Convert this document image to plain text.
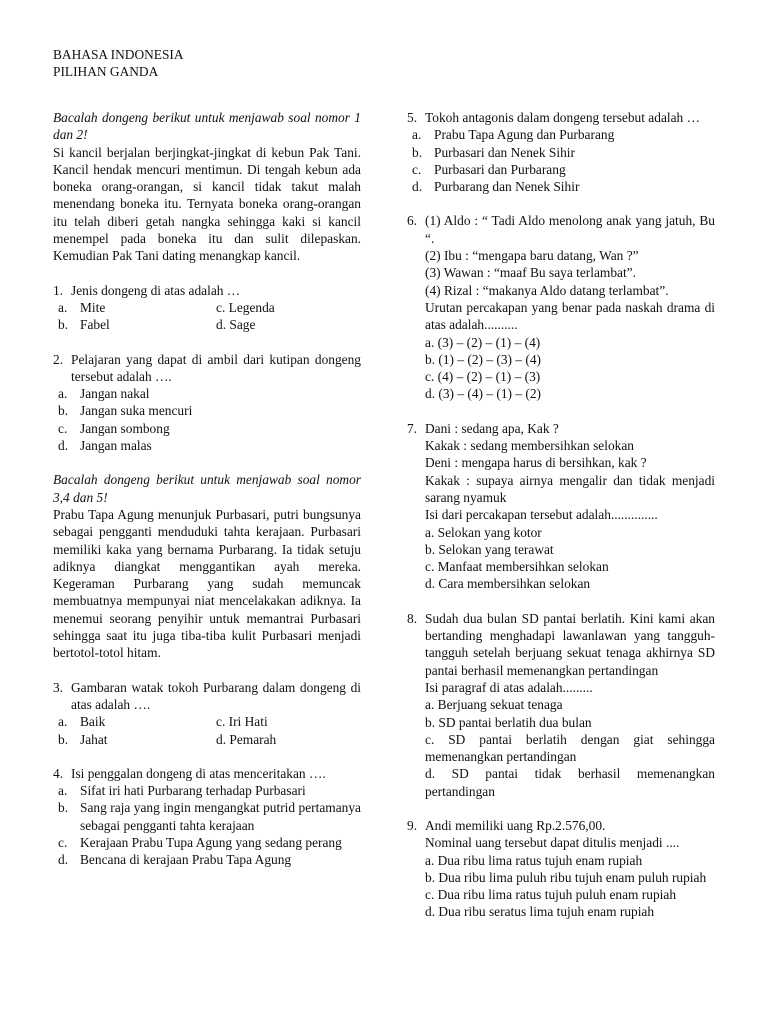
BAHASA INDONESIA
PILIHAN GANDA
Bacalah dongeng berikut untuk menjawab soal nomor 1 dan 2!
Si kancil berjalan berjingkat-jingkat di kebun Pak Tani. Kancil hendak mencuri mentimun. Di tengah kebun ada boneka orang-orangan, si kancil tidak takut malah menendang boneka itu. Ternyata boneka orang-orangan itu telah diberi getah nangka sehingga kaki si kancil menempel pada boneka itu dan sulit dilepaskan. Kemudian Pak Tani dating menangkap kancil.
1. Jenis dongeng di atas adalah …
a. Mite	c. Legenda
b. Fabel	d. Sage
2. Pelajaran yang dapat di ambil dari kutipan dongeng tersebut adalah ….
a. Jangan nakal
b. Jangan suka mencuri
c. Jangan sombong
d. Jangan malas
Bacalah dongeng berikut untuk menjawab soal nomor 3,4 dan 5!
Prabu Tapa Agung menunjuk Purbasari, putri bungsunya sebagai pengganti menduduki tahta kerajaan. Purbasari memiliki kaka yang bernama Purbarang. Ia tidak setuju adiknya diangkat menggantikan ayah mereka. Kegeraman Purbarang yang sudah memuncak membuatnya mempunyai niat mencelakakan adiknya. Ia menemui seorang penyihir untuk memantrai Purbasari sehingga saat itu juga tiba-tiba kulit Purbasari menjadi bertotol-totol hitam.
3. Gambaran watak tokoh Purbarang dalam dongeng di atas adalah ….
a. Baik	c. Iri Hati
b. Jahat	d. Pemarah
4. Isi penggalan dongeng di atas menceritakan ….
a. Sifat iri hati Purbarang terhadap Purbasari
b. Sang raja yang ingin mengangkat putrid pertamanya sebagai pengganti tahta kerajaan
c. Kerajaan Prabu Tupa Agung yang sedang perang
d. Bencana di kerajaan Prabu Tapa Agung
5. Tokoh antagonis dalam dongeng tersebut adalah …
a. Prabu Tapa Agung dan Purbarang
b. Purbasari dan Nenek Sihir
c. Purbasari dan Purbarang
d. Purbarang dan Nenek Sihir
6. (1) Aldo : “ Tadi Aldo menolong anak yang jatuh, Bu “.
(2) Ibu : “mengapa baru datang, Wan ?”
(3) Wawan : “maaf Bu saya terlambat”.
(4) Rizal : “makanya Aldo datang terlambat”.
Urutan percakapan yang benar pada naskah drama di atas adalah..........
a. (3) – (2) – (1) – (4)
b. (1) – (2) – (3) – (4)
c. (4) – (2) – (1) – (3)
d. (3) – (4) – (1) – (2)
7. Dani : sedang apa, Kak ?
Kakak : sedang membersihkan selokan
Deni : mengapa harus di bersihkan, kak ?
Kakak : supaya airnya mengalir dan tidak menjadi sarang nyamuk
Isi dari percakapan tersebut adalah..............
a. Selokan yang kotor
b. Selokan yang terawat
c. Manfaat membersihkan selokan
d. Cara membersihkan selokan
8. Sudah dua bulan SD pantai berlatih. Kini kami akan bertanding menghadapi lawanlawan yang tangguh-tangguh setelah berjuang sekuat tenaga akhirnya SD pantai berhasil memenangkan pertandingan
Isi paragraf di atas adalah.........
a. Berjuang sekuat tenaga
b. SD pantai berlatih dua bulan
c. SD pantai berlatih dengan giat sehingga memenangkan pertandingan
d. SD pantai tidak berhasil memenangkan pertandingan
9. Andi memiliki uang Rp.2.576,00.
Nominal uang tersebut dapat ditulis menjadi ....
a. Dua ribu lima ratus tujuh enam rupiah
b. Dua ribu lima puluh ribu tujuh enam puluh rupiah
c. Dua ribu lima ratus tujuh puluh enam rupiah
d. Dua ribu seratus lima tujuh enam rupiah
